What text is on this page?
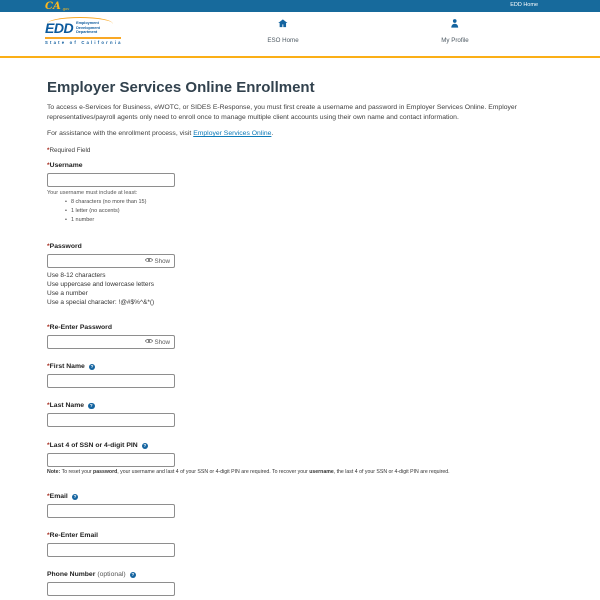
CA .gov
EDD Home
EDD Employment
Development
Department
State of California	ESO Home	My Profile
Employer Services Online Enrollment

To access e-Services for Business, eWOTC, or SIDES E-Response, you must first create a username and password in Employer Services Online. Employer representatives/payroll agents only need to enroll once to manage multiple client accounts using their own name and contact information.

For assistance with the enrollment process, visit Employer Services Online.

*Required Field

* Username
Your username must include at least:
• 8 characters (no more than 15)
• 1 letter (no accents)
• 1 number
* Password
Show
Use 8-12 characters
Use uppercase and lowercase letters
Use a number
Use a special character: !@#$%^&*()
* Re-Enter Password
Show
* First Name	?
* Last Name	?
* Last 4 of SSN or 4-digit PIN	?
Note: To reset your password, your username and last 4 of your SSN or 4-digit PIN are required. To recover your username, the last 4 of your SSN or 4-digit PIN are required.
* Email	?
* Re-Enter Email
Phone Number (optional)	?
